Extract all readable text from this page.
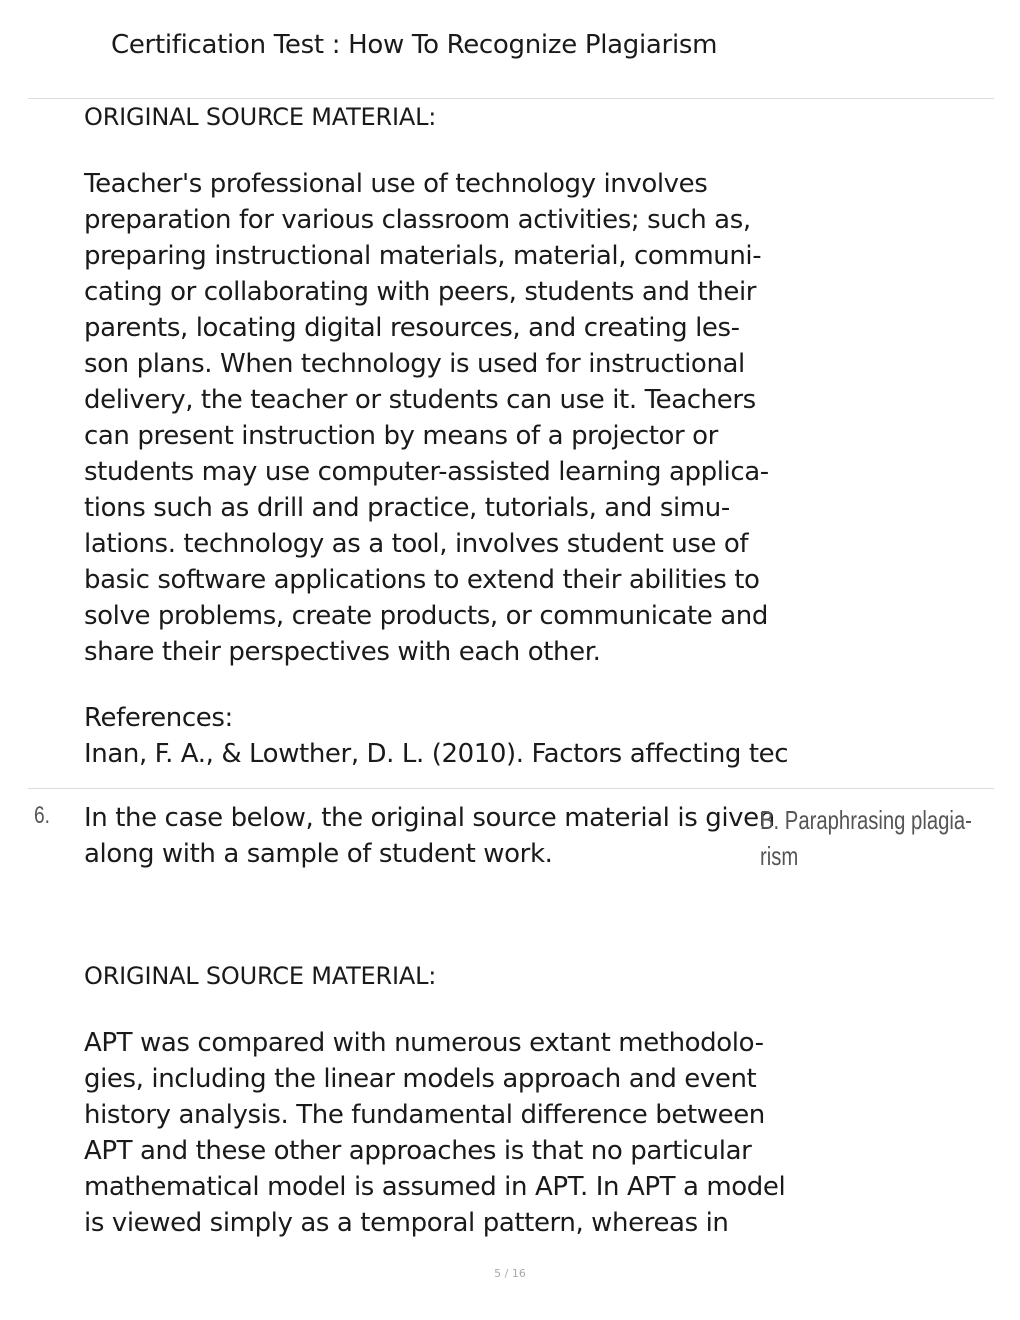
Certification Test : How To Recognize Plagiarism
ORIGINAL SOURCE MATERIAL:
Teacher's professional use of technology involves
preparation for various classroom activities; such as,
preparing instructional materials, material, communi-
cating or collaborating with peers, students and their
parents, locating digital resources, and creating les-
son plans. When technology is used for instructional
delivery, the teacher or students can use it. Teachers
can present instruction by means of a projector or
students may use computer-assisted learning applica-
tions such as drill and practice, tutorials, and simu-
lations. technology as a tool, involves student use of
basic software applications to extend their abilities to
solve problems, create products, or communicate and
share their perspectives with each other.
References:
Inan, F. A., & Lowther, D. L. (2010). Factors affecting tec
6. In the case below, the original source material is given
along with a sample of student work.
B. Paraphrasing plagia-
rism
ORIGINAL SOURCE MATERIAL:
APT was compared with numerous extant methodolo-
gies, including the linear models approach and event
history analysis. The fundamental difference between
APT and these other approaches is that no particular
mathematical model is assumed in APT. In APT a model
is viewed simply as a temporal pattern, whereas in
5 / 16
